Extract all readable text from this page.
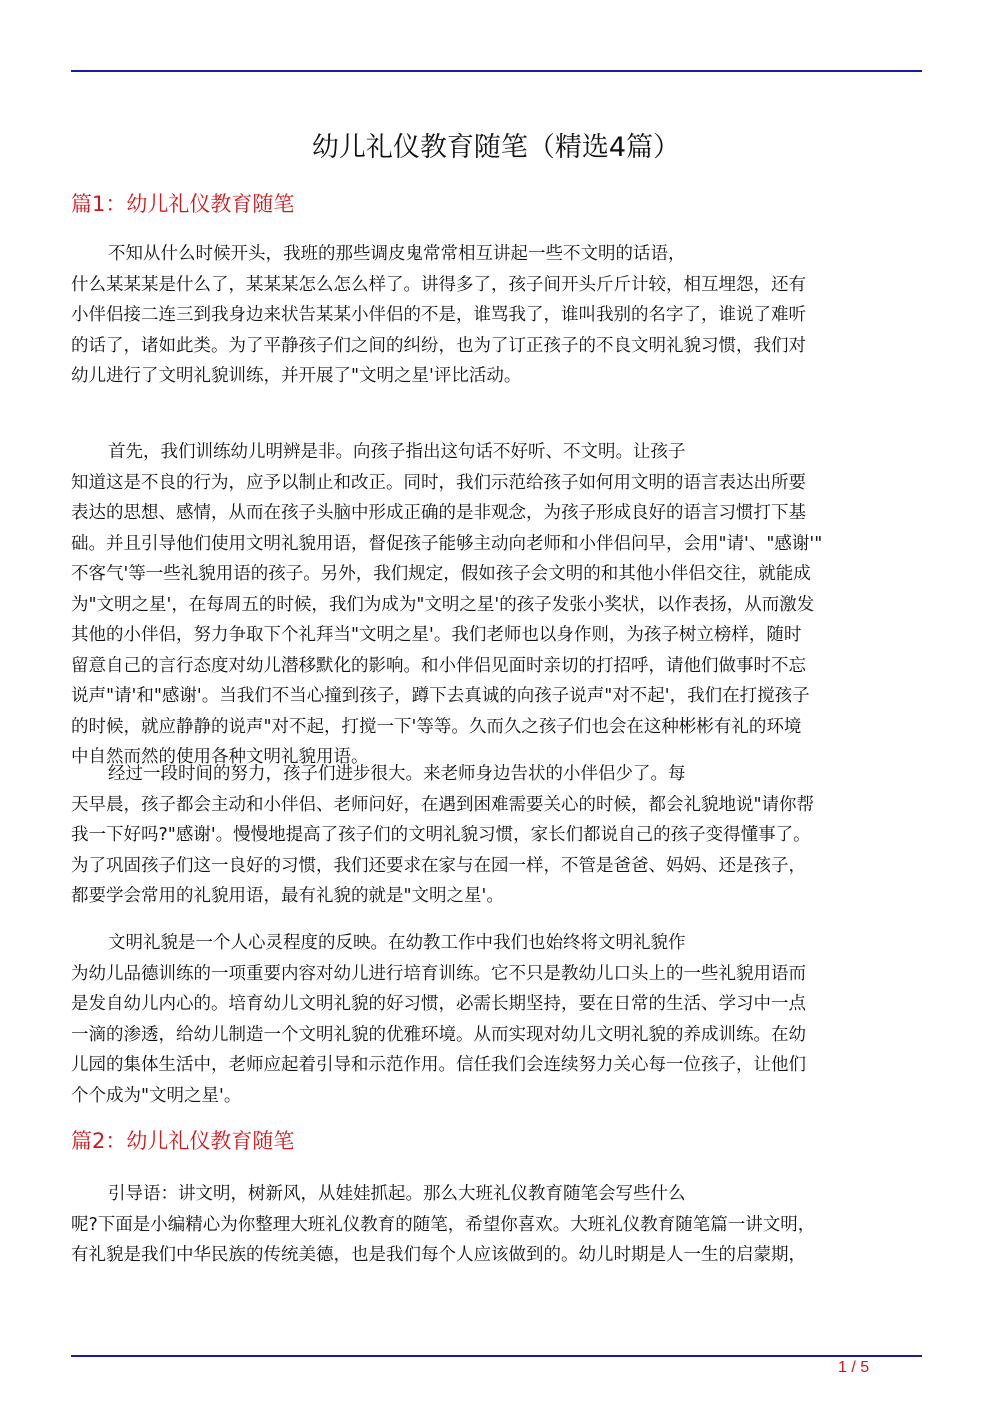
幼儿礼仪教育随笔（精选4篇）
篇1：幼儿礼仪教育随笔
不知从什么时候开头，我班的那些调皮鬼常常相互讲起一些不文明的话语，
什么某某某是什么了，某某某怎么怎么样了。讲得多了，孩子间开头斤斤计较，相互埋怨，还有
小伴侣接二连三到我身边来状告某某小伴侣的不是，谁骂我了，谁叫我别的名字了，谁说了难听
的话了，诸如此类。为了平静孩子们之间的纠纷，也为了订正孩子的不良文明礼貌习惯，我们对
幼儿进行了文明礼貌训练，并开展了"文明之星'评比活动。
首先，我们训练幼儿明辨是非。向孩子指出这句话不好听、不文明。让孩子
知道这是不良的行为，应予以制止和改正。同时，我们示范给孩子如何用文明的语言表达出所要
表达的思想、感情，从而在孩子头脑中形成正确的是非观念，为孩子形成良好的语言习惯打下基
础。并且引导他们使用文明礼貌用语，督促孩子能够主动向老师和小伴侣问早，会用"请'、"感谢'"
不客气'等一些礼貌用语的孩子。另外，我们规定，假如孩子会文明的和其他小伴侣交往，就能成
为"文明之星'，在每周五的时候，我们为成为"文明之星'的孩子发张小奖状，以作表扬，从而激发
其他的小伴侣，努力争取下个礼拜当"文明之星'。我们老师也以身作则，为孩子树立榜样，随时
留意自己的言行态度对幼儿潜移默化的影响。和小伴侣见面时亲切的打招呼，请他们做事时不忘
说声"请'和"感谢'。当我们不当心撞到孩子，蹲下去真诚的向孩子说声"对不起'，我们在打搅孩子
的时候，就应静静的说声"对不起，打搅一下'等等。久而久之孩子们也会在这种彬彬有礼的环境
中自然而然的使用各种文明礼貌用语。
经过一段时间的努力，孩子们进步很大。来老师身边告状的小伴侣少了。每
天早晨，孩子都会主动和小伴侣、老师问好，在遇到困难需要关心的时候，都会礼貌地说"请你帮
我一下好吗?"感谢'。慢慢地提高了孩子们的文明礼貌习惯，家长们都说自己的孩子变得懂事了。
为了巩固孩子们这一良好的习惯，我们还要求在家与在园一样，不管是爸爸、妈妈、还是孩子，
都要学会常用的礼貌用语，最有礼貌的就是"文明之星'。
文明礼貌是一个人心灵程度的反映。在幼教工作中我们也始终将文明礼貌作
为幼儿品德训练的一项重要内容对幼儿进行培育训练。它不只是教幼儿口头上的一些礼貌用语而
是发自幼儿内心的。培育幼儿文明礼貌的好习惯，必需长期坚持，要在日常的生活、学习中一点
一滴的渗透，给幼儿制造一个文明礼貌的优雅环境。从而实现对幼儿文明礼貌的养成训练。在幼
儿园的集体生活中，老师应起着引导和示范作用。信任我们会连续努力关心每一位孩子，让他们
个个成为"文明之星'。
篇2：幼儿礼仪教育随笔
引导语：讲文明，树新风，从娃娃抓起。那么大班礼仪教育随笔会写些什么
呢?下面是小编精心为你整理大班礼仪教育的随笔，希望你喜欢。大班礼仪教育随笔篇一讲文明，
有礼貌是我们中华民族的传统美德，也是我们每个人应该做到的。幼儿时期是人一生的启蒙期，
1 / 5
